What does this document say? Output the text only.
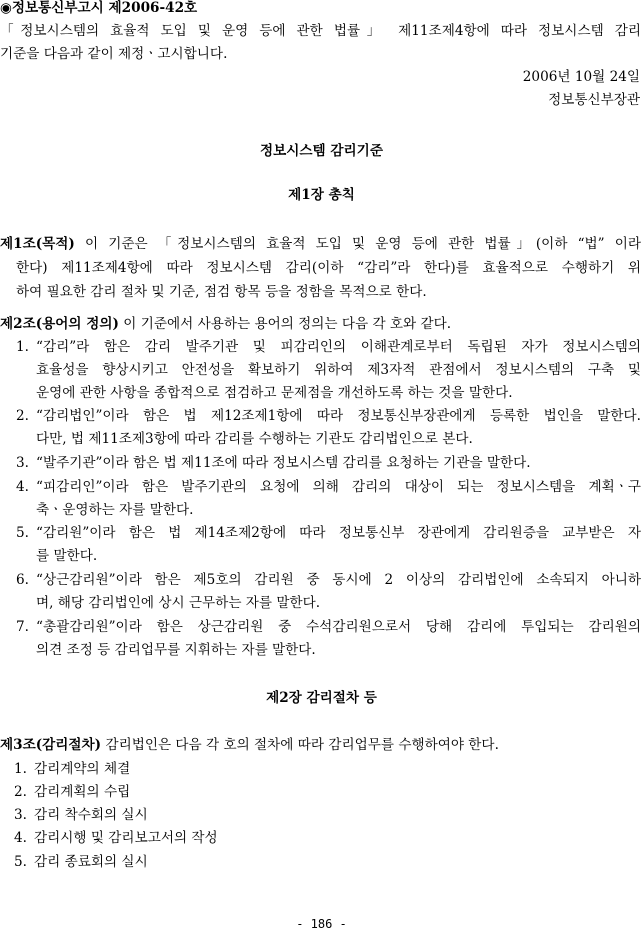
◉정보통신부고시 제2006-42호
「정보시스템의 효율적 도입 및 운영 등에 관한 법률」 제11조제4항에 따라 정보시스템 감리
기준을 다음과 같이 제정ㆍ고시합니다.
2006년 10월 24일
정보통신부장관
정보시스템 감리기준
제1장 총칙
제1조(목적) 이 기준은 「정보시스템의 효율적 도입 및 운영 등에 관한 법률」(이하 “법” 이라
한다) 제11조제4항에 따라 정보시스템 감리(이하 “감리”라 한다)를 효율적으로 수행하기 위
하여 필요한 감리 절차 및 기준, 점검 항목 등을 정함을 목적으로 한다.
제2조(용어의 정의) 이 기준에서 사용하는 용어의 정의는 다음 각 호와 같다.
1. “감리”라 함은 감리 발주기관 및 피감리인의 이해관계로부터 독립된 자가 정보시스템의
효율성을 향상시키고 안전성을 확보하기 위하여 제3자적 관점에서 정보시스템의 구축 및
운영에 관한 사항을 종합적으로 점검하고 문제점을 개선하도록 하는 것을 말한다.
2. “감리법인”이라 함은 법 제12조제1항에 따라 정보통신부장관에게 등록한 법인을 말한다.
다만, 법 제11조제3항에 따라 감리를 수행하는 기관도 감리법인으로 본다.
3. “발주기관”이라 함은 법 제11조에 따라 정보시스템 감리를 요청하는 기관을 말한다.
4. “피감리인”이라 함은 발주기관의 요청에 의해 감리의 대상이 되는 정보시스템을 계획ㆍ구
축ㆍ운영하는 자를 말한다.
5. “감리원”이라 함은 법 제14조제2항에 따라 정보통신부 장관에게 감리원증을 교부받은 자
를 말한다.
6. “상근감리원”이라 함은 제5호의 감리원 중 동시에 2 이상의 감리법인에 소속되지 아니하
며, 해당 감리법인에 상시 근무하는 자를 말한다.
7. “총괄감리원”이라 함은 상근감리원 중 수석감리원으로서 당해 감리에 투입되는 감리원의
의견 조정 등 감리업무를 지휘하는 자를 말한다.
제2장 감리절차 등
제3조(감리절차) 감리법인은 다음 각 호의 절차에 따라 감리업무를 수행하여야 한다.
1. 감리계약의 체결
2. 감리계획의 수립
3. 감리 착수회의 실시
4. 감리시행 및 감리보고서의 작성
5. 감리 종료회의 실시
- 186 -
